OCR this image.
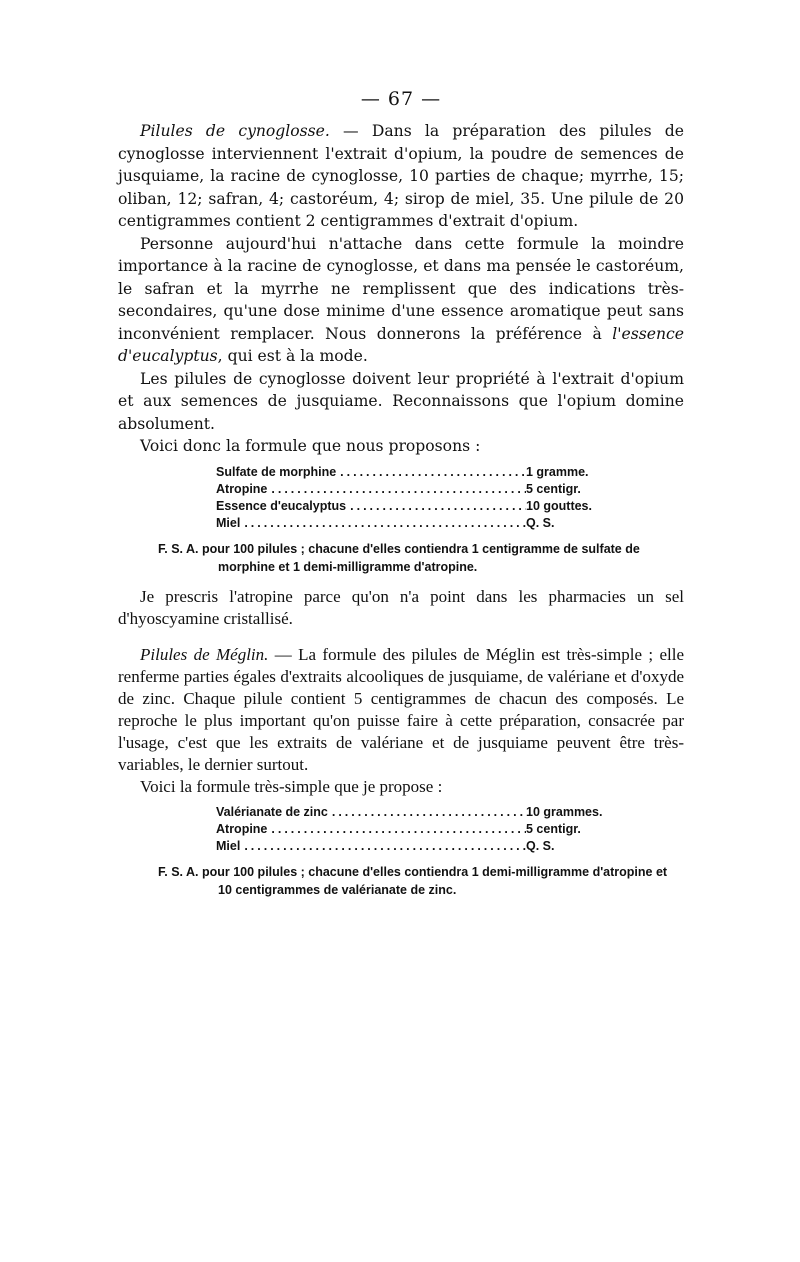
— 67 —

Pilules de cynoglosse. — Dans la préparation des pilules de cynoglosse interviennent l'extrait d'opium, la poudre de semences de jusquiame, la racine de cynoglosse, 10 parties de chaque; myrrhe, 15; oliban, 12; safran, 4; castoréum, 4; sirop de miel, 35. Une pilule de 20 centigrammes contient 2 centigrammes d'extrait d'opium.

Personne aujourd'hui n'attache dans cette formule la moindre importance à la racine de cynoglosse, et dans ma pensée le castoréum, le safran et la myrrhe ne remplissent que des indications très-secondaires, qu'une dose minime d'une essence aromatique peut sans inconvénient remplacer. Nous donnerons la préférence à l'essence d'eucalyptus, qui est à la mode.

Les pilules de cynoglosse doivent leur propriété à l'extrait d'opium et aux semences de jusquiame. Reconnaissons que l'opium domine absolument.

Voici donc la formule que nous proposons :

Sulfate de morphine .....	1 gramme.
Atropine .....	5 centigr.
Essence d'eucalyptus .....	10 gouttes.
Miel .....	Q. S.
F. S. A. pour 100 pilules ; chacune d'elles contiendra 1 centigramme de sulfate de morphine et 1 demi-milligramme d'atropine.

Je prescris l'atropine parce qu'on n'a point dans les pharmacies un sel d'hyoscyamine cristallisé.

Pilules de Méglin. — La formule des pilules de Méglin est très-simple ; elle renferme parties égales d'extraits alcooliques de jusquiame, de valériane et d'oxyde de zinc. Chaque pilule contient 5 centigrammes de chacun des composés. Le reproche le plus important qu'on puisse faire à cette préparation, consacrée par l'usage, c'est que les extraits de valériane et de jusquiame peuvent être très-variables, le dernier surtout.

Voici la formule très-simple que je propose :

Valérianate de zinc .....	10 grammes.
Atropine .....	5 centigr.
Miel .....	Q. S.
F. S. A. pour 100 pilules ; chacune d'elles contiendra 1 demi-milligramme d'atropine et 10 centigrammes de valérianate de zinc.
